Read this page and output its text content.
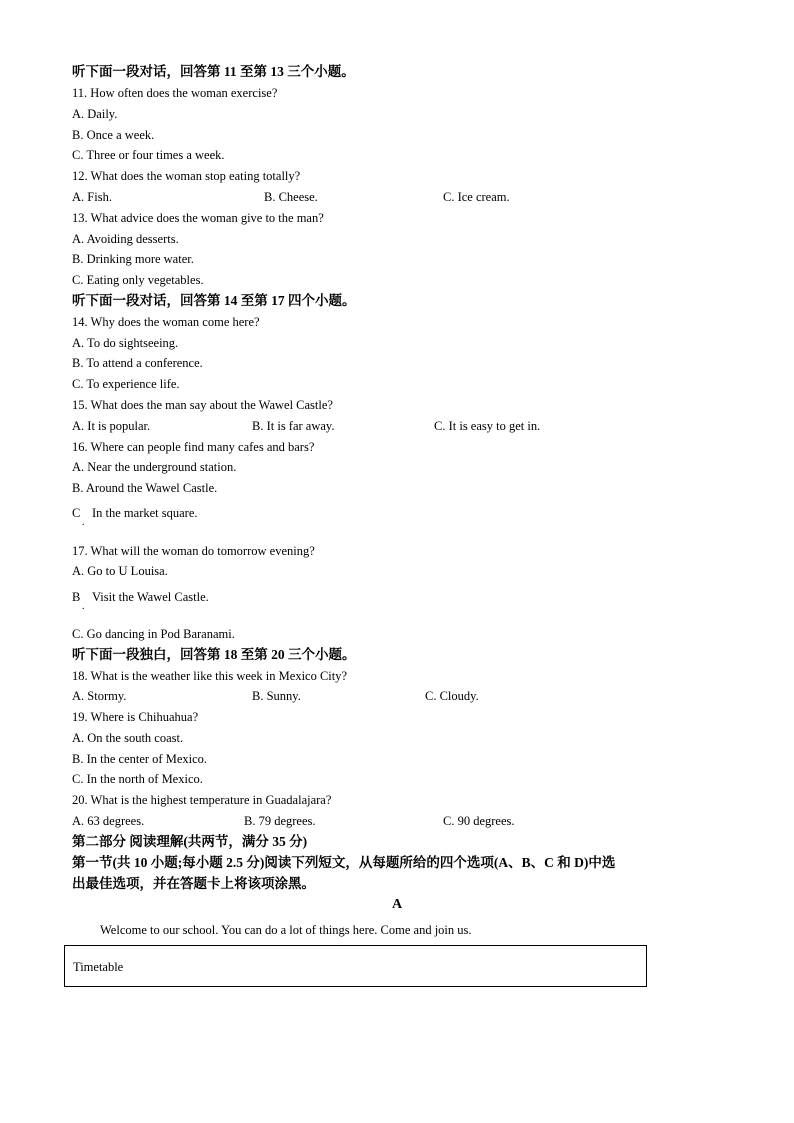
听下面一段对话，回答第 11 至第 13 三个小题。
11. How often does the woman exercise?
A. Daily.
B. Once a week.
C. Three or four times a week.
12. What does the woman stop eating totally?
A. Fish.	B. Cheese.	C. Ice cream.
13. What advice does the woman give to the man?
A. Avoiding desserts.
B. Drinking more water.
C. Eating only vegetables.
听下面一段对话，回答第 14 至第 17 四个小题。
14. Why does the woman come here?
A. To do sightseeing.
B. To attend a conference.
C. To experience life.
15. What does the man say about the Wawel Castle?
A. It is popular.	B. It is far away.	C. It is easy to get in.
16. Where can people find many cafes and bars?
A. Near the underground station.
B. Around the Wawel Castle.
C
.
In the market square.
17. What will the woman do tomorrow evening?
A. Go to U Louisa.
B
.
Visit the Wawel Castle.
C. Go dancing in Pod Baranami.
听下面一段独白，回答第 18 至第 20 三个小题。
18. What is the weather like this week in Mexico City?
A. Stormy.	B. Sunny.	C. Cloudy.
19. Where is Chihuahua?
A. On the south coast.
B. In the center of Mexico.
C. In the north of Mexico.
20. What is the highest temperature in Guadalajara?
A. 63 degrees.	B. 79 degrees.	C. 90 degrees.
第二部分 阅读理解(共两节，满分 35 分)
第一节(共 10 小题;每小题 2.5 分)阅读下列短文，从每题所给的四个选项(A、B、C 和 D)中选
出最佳选项，并在答题卡上将该项涂黑。
A
Welcome to our school. You can do a lot of things here. Come and join us.
Timetable
